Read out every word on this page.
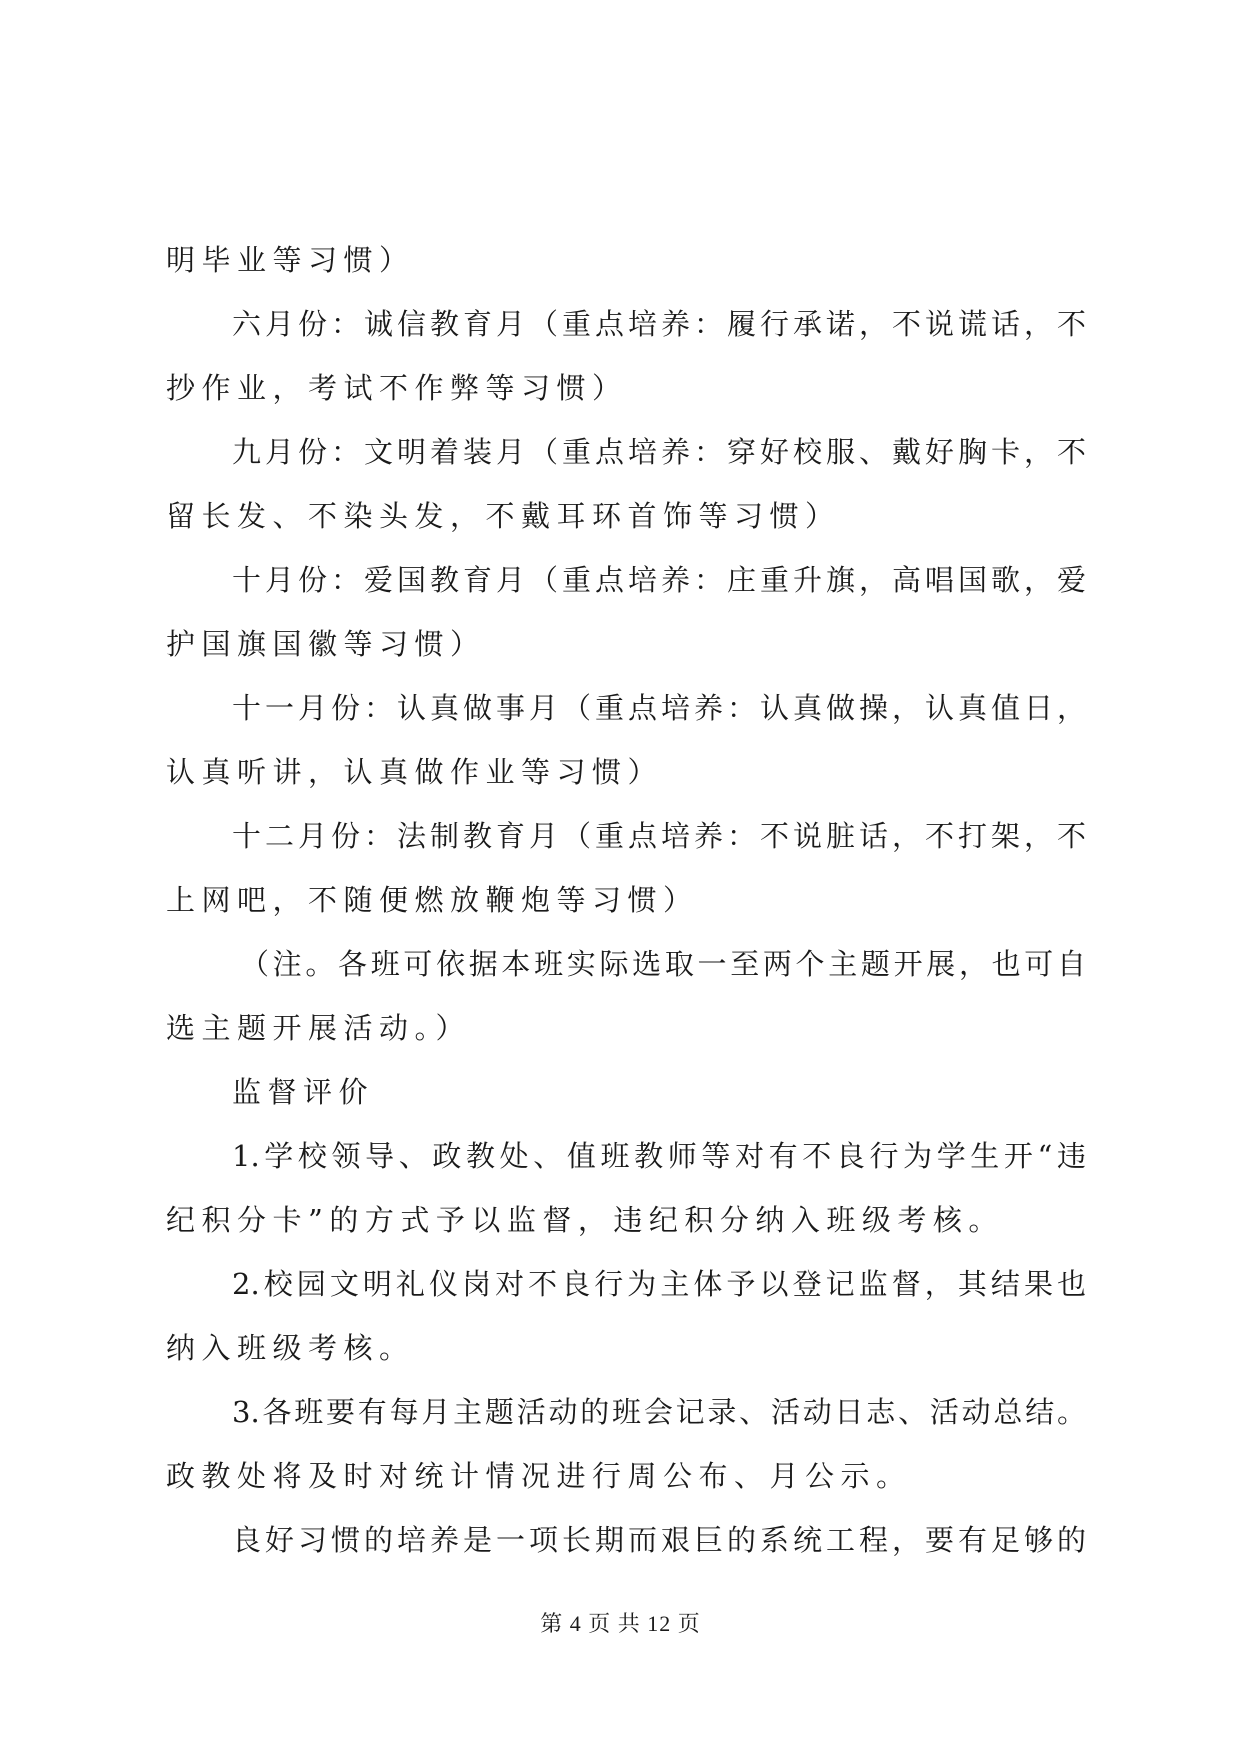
明毕业等习惯）
六月份：诚信教育月（重点培养：履行承诺，不说谎话，不
抄作业，考试不作弊等习惯）
九月份：文明着装月（重点培养：穿好校服、戴好胸卡，不
留长发、不染头发，不戴耳环首饰等习惯）
十月份：爱国教育月（重点培养：庄重升旗，高唱国歌，爱
护国旗国徽等习惯）
十一月份：认真做事月（重点培养：认真做操，认真值日，
认真听讲，认真做作业等习惯）
十二月份：法制教育月（重点培养：不说脏话，不打架，不
上网吧，不随便燃放鞭炮等习惯）
（注。各班可依据本班实际选取一至两个主题开展，也可自
选主题开展活动。）
监督评价
1.学校领导、政教处、值班教师等对有不良行为学生开“违
纪积分卡”的方式予以监督，违纪积分纳入班级考核。
2.校园文明礼仪岗对不良行为主体予以登记监督，其结果也
纳入班级考核。
3.各班要有每月主题活动的班会记录、活动日志、活动总结。
政教处将及时对统计情况进行周公布、月公示。
良好习惯的培养是一项长期而艰巨的系统工程，要有足够的
第 4 页 共 12 页
